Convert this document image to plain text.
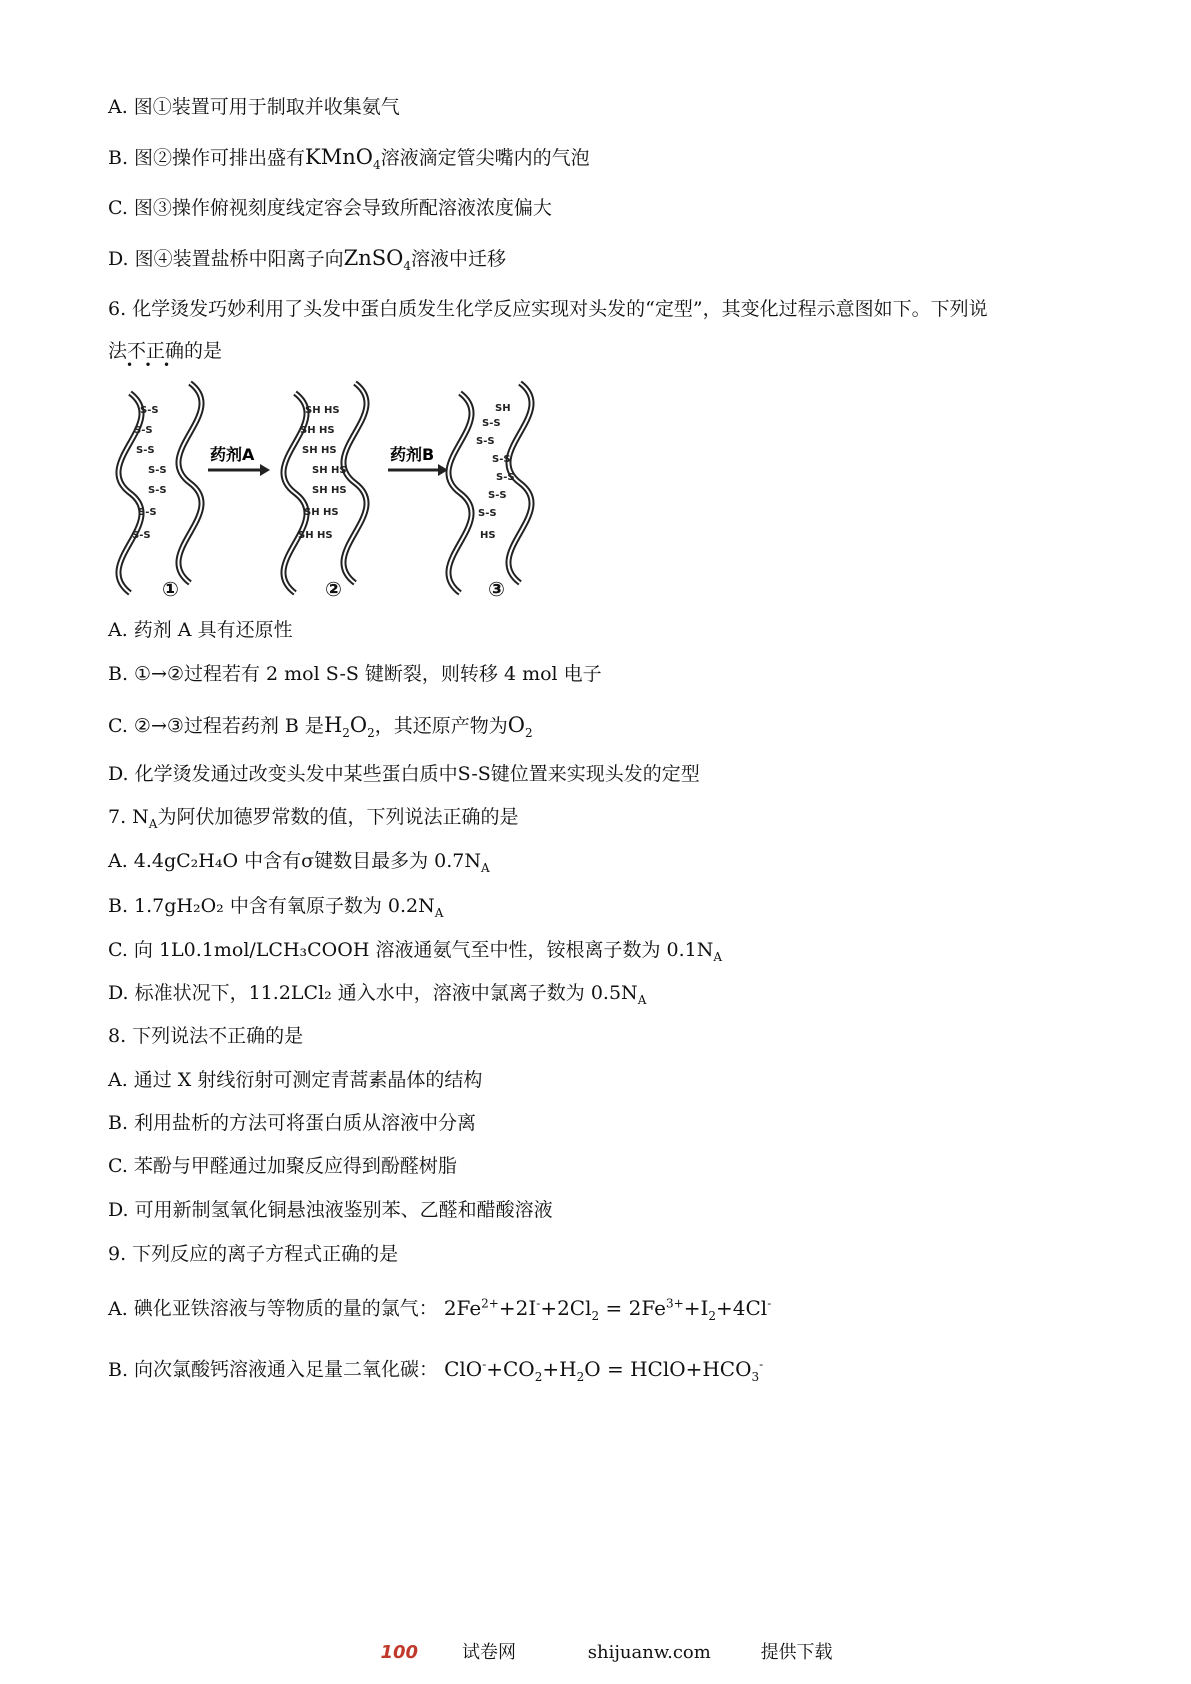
A. 图①装置可用于制取并收集氨气
B. 图②操作可排出盛有KMnO$_4$溶液滴定管尖嘴内的气泡
C. 图③操作俯视刻度线定容会导致所配溶液浓度偏大
D. 图④装置盐桥中阳离子向ZnSO$_4$溶液中迁移
6. 化学烫发巧妙利用了头发中蛋白质发生化学反应实现对头发的“定型”，其变化过程示意图如下。下列说
法不正确的是
•   •   •
药剂A	药剂B
S-S
S-S
S-S
S-S
S-S
S-S
S-S
SH HS
SH HS
SH HS
SH HS
SH HS
SH HS
SH HS
SH
S-S
S-S
S-S
S-S
S-S
S-S
HS
①	②	③
A. 药剂 A 具有还原性
B. ①→②过程若有 2 mol S-S 键断裂，则转移 4 mol 电子
C. ②→③过程若药剂 B 是$H_2O_2$，其还原产物为$O_2$
D. 化学烫发通过改变头发中某些蛋白质中S-S键位置来实现头发的定型
7. $N_A$为阿伏加德罗常数的值，下列说法正确的是
A. 4.4gC₂H₄O 中含有σ键数目最多为 $0.7N_A$
B. 1.7gH₂O₂ 中含有氧原子数为 $0.2N_A$
C. 向 1L0.1mol/LCH₃COOH 溶液通氨气至中性，铵根离子数为 $0.1N_A$
D. 标准状况下，11.2LCl₂ 通入水中，溶液中氯离子数为 $0.5N_A$
8. 下列说法不正确的是
A. 通过 X 射线衍射可测定青蒿素晶体的结构
B. 利用盐析的方法可将蛋白质从溶液中分离
C. 苯酚与甲醛通过加聚反应得到酚醛树脂
D. 可用新制氢氧化铜悬浊液鉴别苯、乙醛和醋酸溶液
9. 下列反应的离子方程式正确的是
A. 碘化亚铁溶液与等物质的量的氯气： $2Fe^{2+}+2I^-+2Cl_2 = 2Fe^{3+}+I_2+4Cl^-$
B. 向次氯酸钙溶液通入足量二氧化碳： $ClO^-+CO_2+H_2O$ = $HClO+HCO_3^-$
100 试卷网	shijuanw.com	提供下载
